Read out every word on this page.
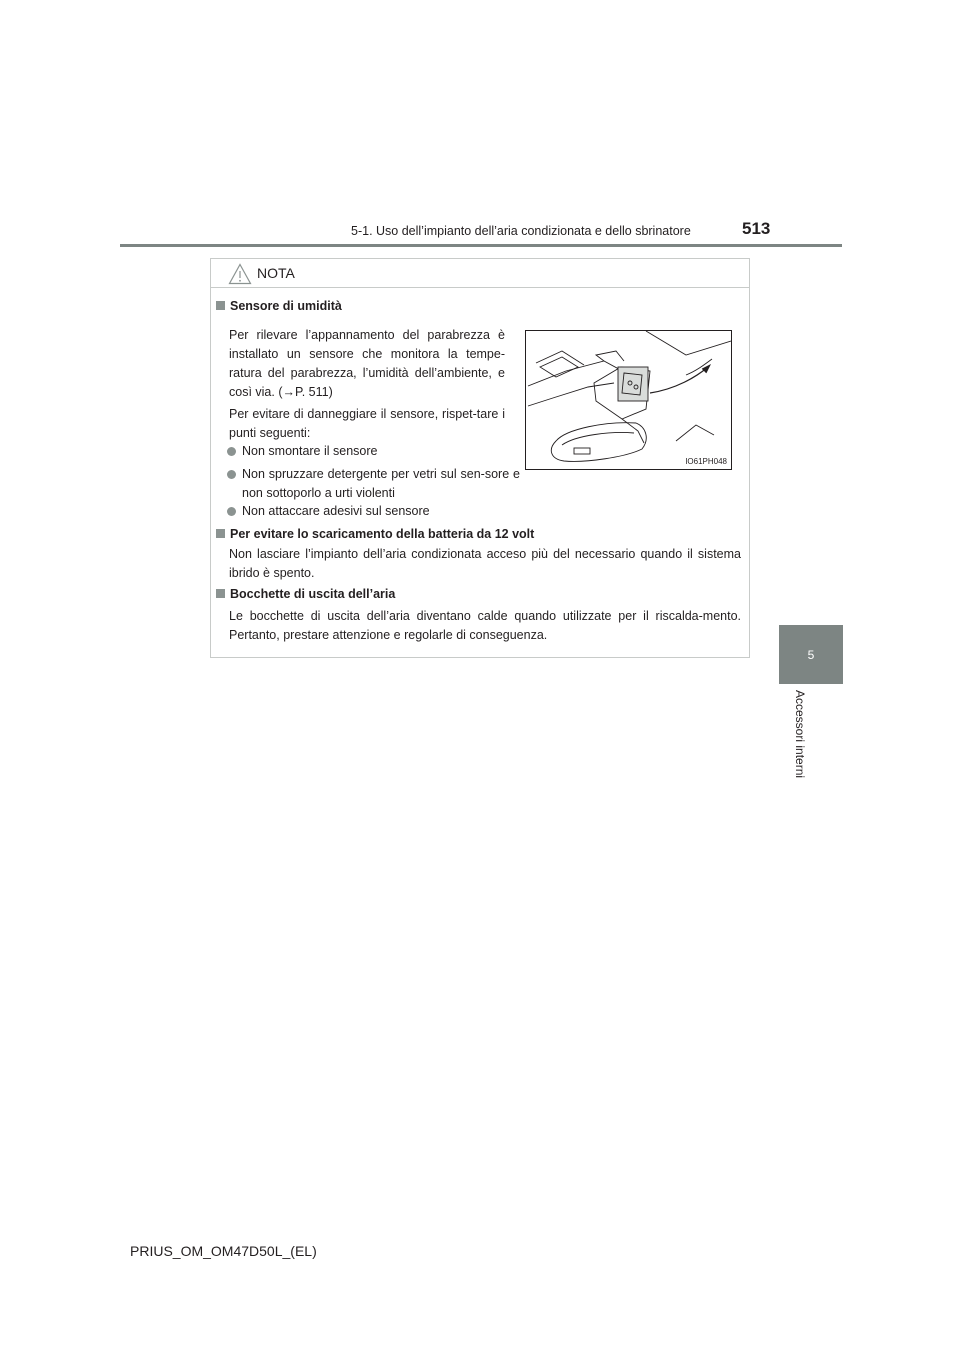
5-1. Uso dell’impianto dell’aria condizionata e dello sbrinatore	513
5
Accessori interni
NOTA
Sensore di umidità
Per rilevare l’appannamento del parabrezza è installato un sensore che monitora la tempe-ratura del parabrezza, l’umidità dell’ambiente, e così via. (→P. 511)
Per evitare di danneggiare il sensore, rispet-tare i punti seguenti:
Non smontare il sensore
Non spruzzare detergente per vetri sul sen-sore e non sottoporlo a urti violenti
Non attaccare adesivi sul sensore
IO61PH048
Per evitare lo scaricamento della batteria da 12 volt
Non lasciare l’impianto dell’aria condizionata acceso più del necessario quando il sistema ibrido è spento.
Bocchette di uscita dell’aria
Le bocchette di uscita dell’aria diventano calde quando utilizzate per il riscalda-mento. Pertanto, prestare attenzione e regolarle di conseguenza.
PRIUS_OM_OM47D50L_(EL)
